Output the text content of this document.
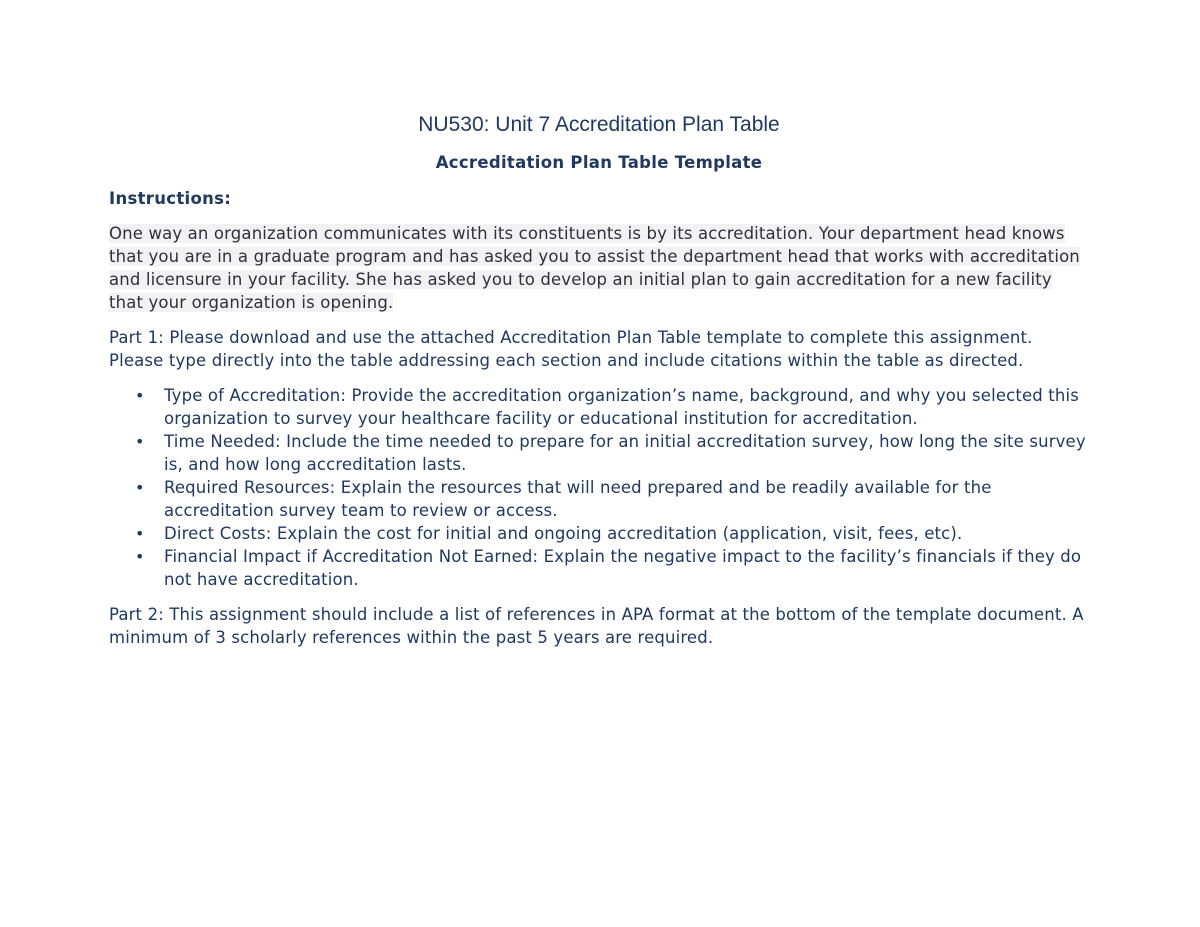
NU530: Unit 7 Accreditation Plan Table
Accreditation Plan Table Template
Instructions:

One way an organization communicates with its constituents is by its accreditation. Your department head knows that you are in a graduate program and has asked you to assist the department head that works with accreditation and licensure in your facility. She has asked you to develop an initial plan to gain accreditation for a new facility that your organization is opening.

Part 1: Please download and use the attached Accreditation Plan Table template to complete this assignment. Please type directly into the table addressing each section and include citations within the table as directed.

• Type of Accreditation: Provide the accreditation organization’s name, background, and why you selected this organization to survey your healthcare facility or educational institution for accreditation.
• Time Needed: Include the time needed to prepare for an initial accreditation survey, how long the site survey is, and how long accreditation lasts.
• Required Resources: Explain the resources that will need prepared and be readily available for the accreditation survey team to review or access.
• Direct Costs: Explain the cost for initial and ongoing accreditation (application, visit, fees, etc).
• Financial Impact if Accreditation Not Earned: Explain the negative impact to the facility’s financials if they do not have accreditation.

Part 2: This assignment should include a list of references in APA format at the bottom of the template document. A minimum of 3 scholarly references within the past 5 years are required.
